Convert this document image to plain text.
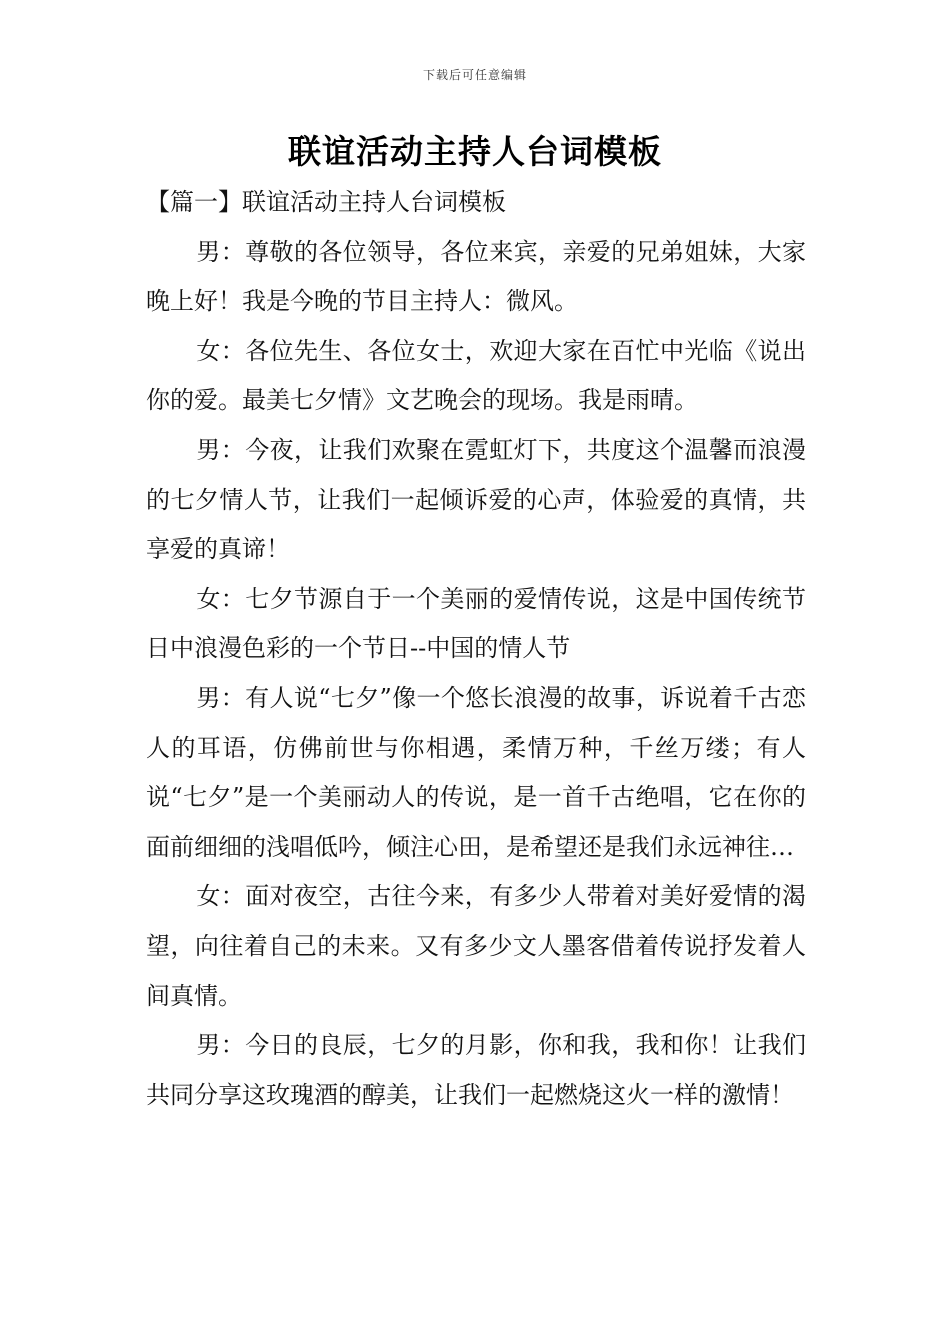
下载后可任意编辑
联谊活动主持人台词模板
【篇一】联谊活动主持人台词模板

男：尊敬的各位领导，各位来宾，亲爱的兄弟姐妹，大家晚上好！我是今晚的节目主持人：微风。

女：各位先生、各位女士，欢迎大家在百忙中光临《说出你的爱。最美七夕情》文艺晚会的现场。我是雨晴。

男：今夜，让我们欢聚在霓虹灯下，共度这个温馨而浪漫的七夕情人节，让我们一起倾诉爱的心声，体验爱的真情，共享爱的真谛！

女：七夕节源自于一个美丽的爱情传说，这是中国传统节日中浪漫色彩的一个节日--中国的情人节

男：有人说“七夕”像一个悠长浪漫的故事，诉说着千古恋人的耳语，仿佛前世与你相遇，柔情万种，千丝万缕；有人说“七夕”是一个美丽动人的传说，是一首千古绝唱，它在你的面前细细的浅唱低吟，倾注心田，是希望还是我们永远神往…

女：面对夜空，古往今来，有多少人带着对美好爱情的渴望，向往着自己的未来。又有多少文人墨客借着传说抒发着人间真情。

男：今日的良辰，七夕的月影，你和我，我和你！让我们共同分享这玫瑰酒的醇美，让我们一起燃烧这火一样的激情！
